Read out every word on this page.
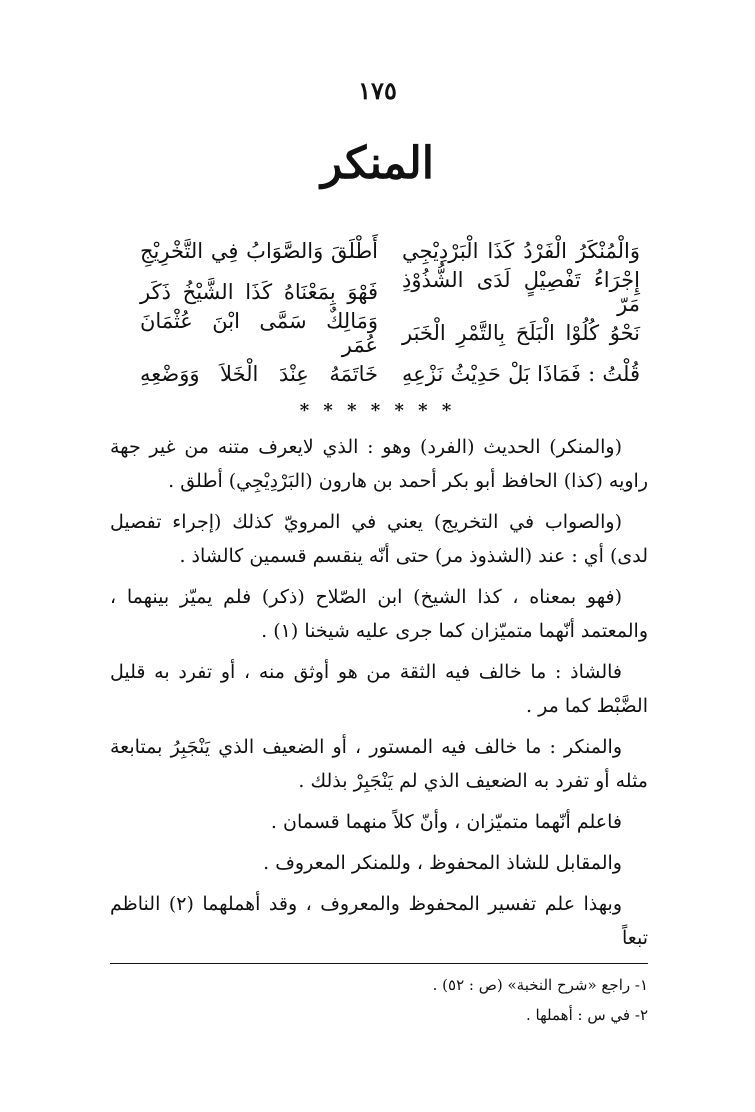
١٧٥
المنكر
وَالْمُنْكَرُ الْفَرْدُ كَذَا الْبَرْدِيْجِي
أَطْلَقَ وَالصَّوَابُ فِي التَّخْرِيْجِ
إِجْرَاءُ تَفْصِيْلٍ لَدَى الشُّذُوْذِ مَرّ
فَهْوَ بِمَعْنَاهُ كَذَا الشَّيْخُ ذَكَر
نَحْوُ كُلُوْا الْبَلَحَ بِالتَّمْرِ الْخَبَر
وَمَالِكٌ سَمَّى ابْنَ عُثْمَانَ عُمَر
قُلْتُ : فَمَاذَا بَلْ حَدِيْثُ نَزْعِهِ
خَاتَمَهُ عِنْدَ الْخَلاَ وَوَضْعِهِ
* * * * * * *

(والمنكر) الحديث (الفرد) وهو : الذي لايعرف متنه من غير جهة راويه (كذا) الحافظ أبو بكر أحمد بن هارون (البَرْدِيْجِي) أطلق .

(والصواب في التخريج) يعني في المرويّ كذلك (إجراء تفصيل لدى) أي : عند (الشذوذ مر) حتى أنّه ينقسم قسمين كالشاذ .

(فهو بمعناه ، كذا الشيخ) ابن الصّلاح (ذكر) فلم يميّز بينهما ، والمعتمد أنّهما متميّزان كما جرى عليه شيخنا (١) .

فالشاذ : ما خالف فيه الثقة من هو أوثق منه ، أو تفرد به قليل الضَّبْط كما مر .

والمنكر : ما خالف فيه المستور ، أو الضعيف الذي يَنْجَبِرُ بمتابعة مثله أو تفرد به الضعيف الذي لم يَنْجَبِرْ بذلك .

فاعلم أنّهما متميّزان ، وأنّ كلاً منهما قسمان .

والمقابل للشاذ المحفوظ ، وللمنكر المعروف .

وبهذا علم تفسير المحفوظ والمعروف ، وقد أهملهما (٢) الناظم تبعاً

١- راجع «شرح النخبة» (ص : ٥٢) .

٢- في س : أهملها .
